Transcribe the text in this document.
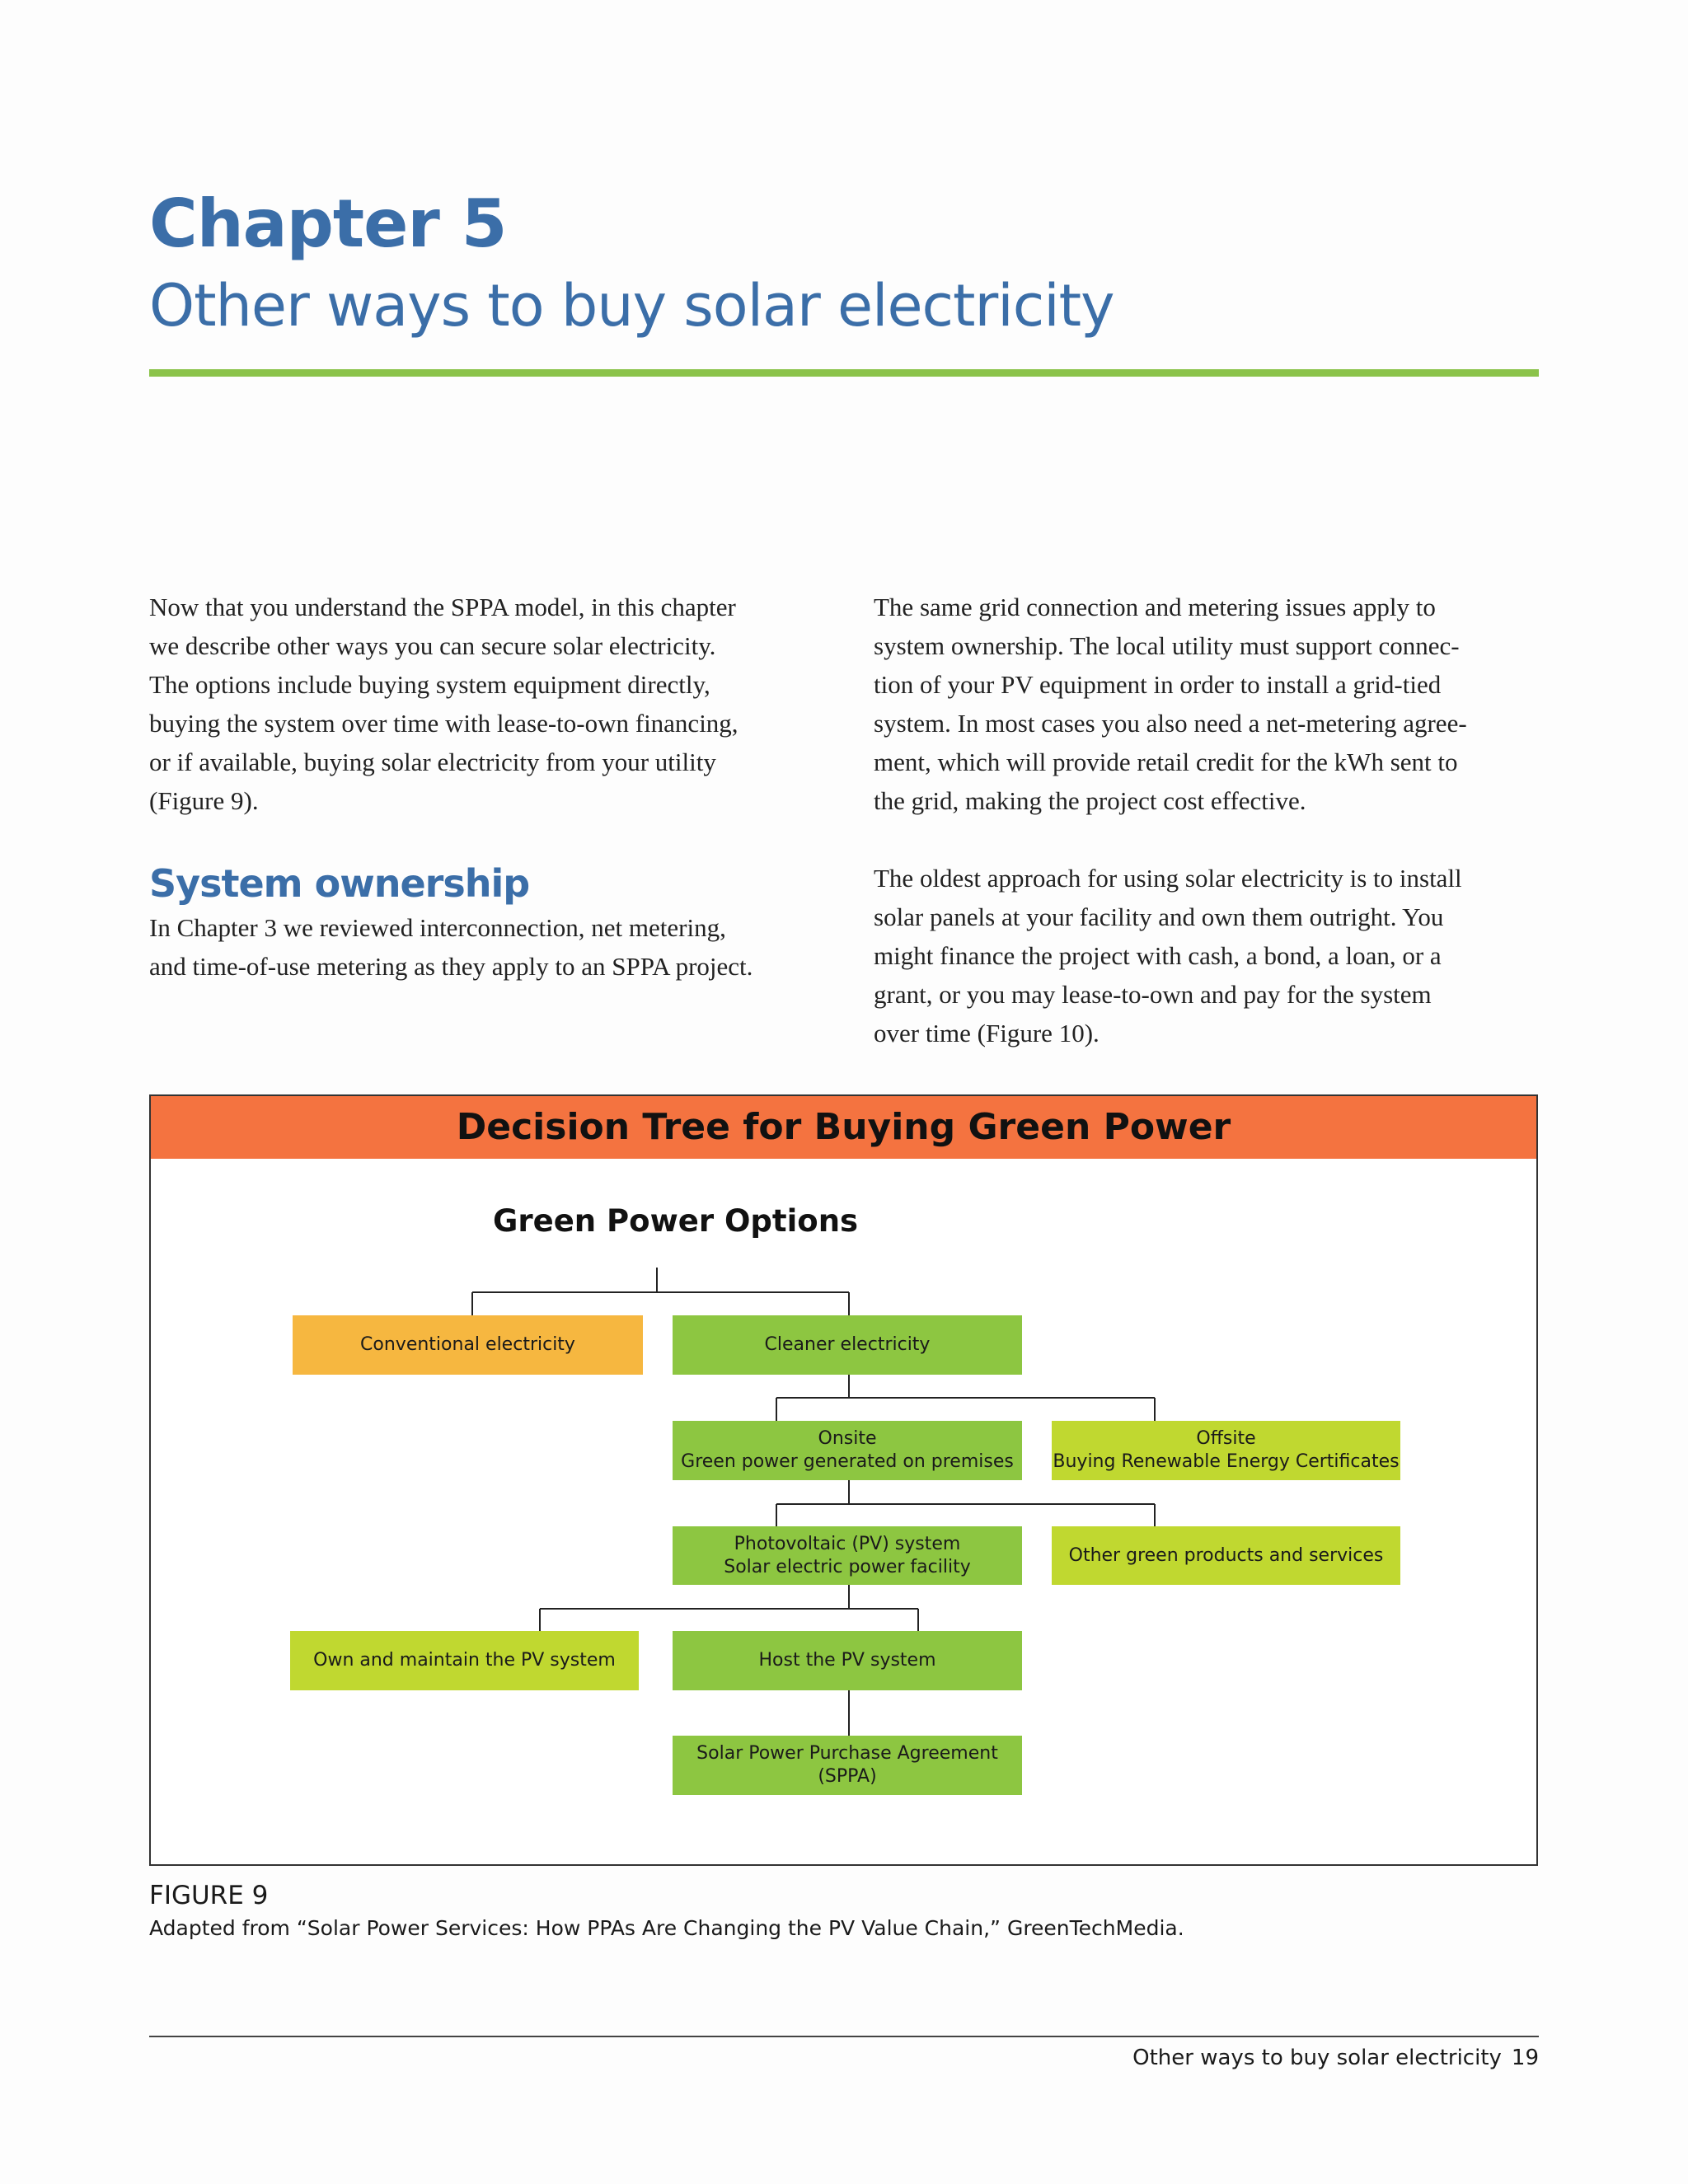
Chapter 5
Other ways to buy solar electricity

Now that you understand the SPPA model, in this chapter
we describe other ways you can secure solar electricity.
The options include buying system equipment directly,
buying the system over time with lease-to-own financing,
or if available, buying solar electricity from your utility
(Figure 9).

System ownership

In Chapter 3 we reviewed interconnection, net metering,
and time-of-use metering as they apply to an SPPA project.

The same grid connection and metering issues apply to
system ownership. The local utility must support connec-
tion of your PV equipment in order to install a grid-tied
system. In most cases you also need a net-metering agree-
ment, which will provide retail credit for the kWh sent to
the grid, making the project cost effective.

The oldest approach for using solar electricity is to install
solar panels at your facility and own them outright. You
might finance the project with cash, a bond, a loan, or a
grant, or you may lease-to-own and pay for the system
over time (Figure 10).

Decision Tree for Buying Green Power
Green Power Options
Conventional electricity	Cleaner electricity
Onsite
Green power generated on premises
Offsite
Buying Renewable Energy Certificates
Photovoltaic (PV) system
Solar electric power facility
Other green products and services
Own and maintain the PV system	Host the PV system
Solar Power Purchase Agreement
(SPPA)
FIGURE 9
Adapted from “Solar Power Services: How PPAs Are Changing the PV Value Chain,” GreenTechMedia.
Other ways to buy solar electricity 19
